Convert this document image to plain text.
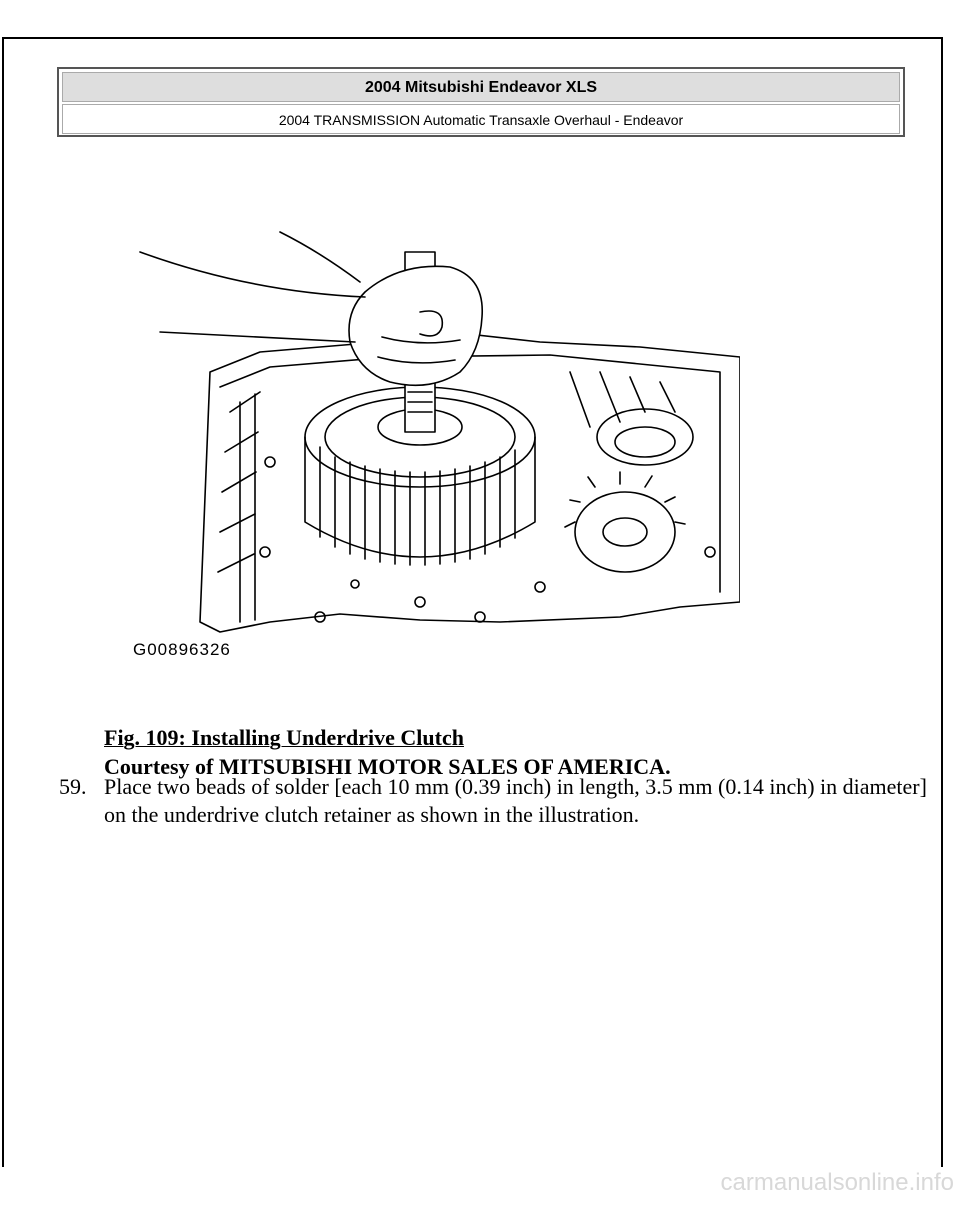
2004 Mitsubishi Endeavor XLS
2004 TRANSMISSION Automatic Transaxle Overhaul - Endeavor
G00896326
Fig. 109: Installing Underdrive Clutch
Courtesy of MITSUBISHI MOTOR SALES OF AMERICA.
59. Place two beads of solder [each 10 mm (0.39 inch) in length, 3.5 mm (0.14 inch) in diameter] on the underdrive clutch retainer as shown in the illustration.
carmanualsonline.info
